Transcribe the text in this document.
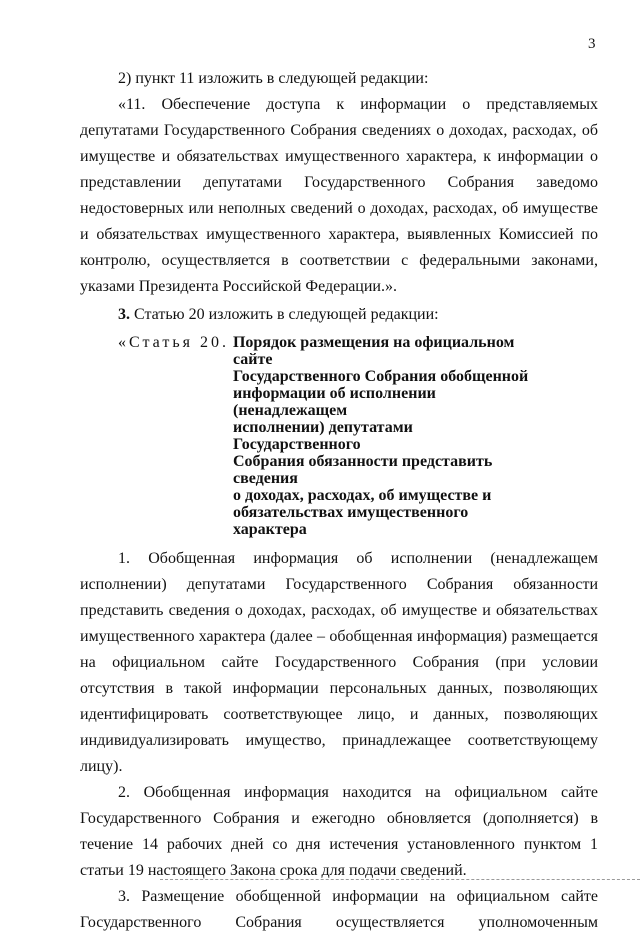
3

2) пункт 11 изложить в следующей редакции:

«11. Обеспечение доступа к информации о представляемых депутатами Государственного Собрания сведениях о доходах, расходах, об имуществе и обязательствах имущественного характера, к информации о представлении депутатами Государственного Собрания заведомо недостоверных или неполных сведений о доходах, расходах, об имуществе и обязательствах имущественного характера, выявленных Комиссией по контролю, осуществляется в соответствии с федеральными законами, указами Президента Российской Федерации.».

3. Статью 20 изложить в следующей редакции:

«Статья 20. Порядок размещения на официальном сайте
Государственного Собрания обобщенной
информации об исполнении (ненадлежащем
исполнении) депутатами Государственного
Собрания обязанности представить сведения
о доходах, расходах, об имуществе и
обязательствах имущественного характера

1. Обобщенная информация об исполнении (ненадлежащем исполнении) депутатами Государственного Собрания обязанности представить сведения о доходах, расходах, об имуществе и обязательствах имущественного характера (далее – обобщенная информация) размещается на официальном сайте Государственного Собрания (при условии отсутствия в такой информации персональных данных, позволяющих идентифицировать соответствующее лицо, и данных, позволяющих индивидуализировать имущество, принадлежащее соответствующему лицу).

2. Обобщенная информация находится на официальном сайте Государственного Собрания и ежегодно обновляется (дополняется) в течение 14 рабочих дней со дня истечения установленного пунктом 1 статьи 19 настоящего Закона срока для подачи сведений.

3. Размещение обобщенной информации на официальном сайте Государственного Собрания осуществляется уполномоченным
